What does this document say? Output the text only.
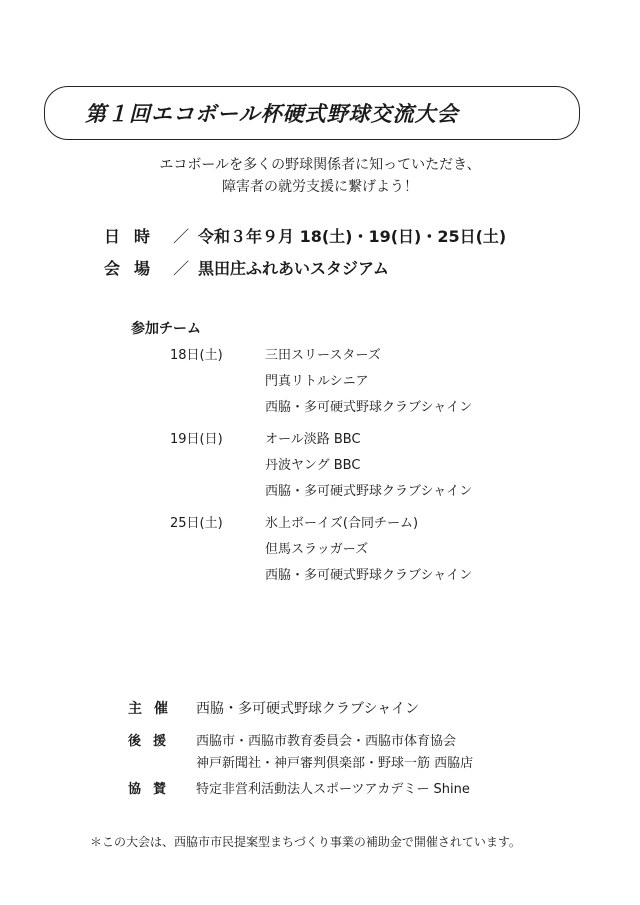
第１回エコボール杯硬式野球交流大会
エコボールを多くの野球関係者に知っていただき、
障害者の就労支援に繋げよう！
日時 ／ 令和３年９月 18(土)・19(日)・25日(土)
会場 ／ 黒田庄ふれあいスタジアム
参加チーム
18日(土)	三田スリースターズ
門真リトルシニア
西脇・多可硬式野球クラブシャイン
19日(日)	オール淡路 BBC
丹波ヤング BBC
西脇・多可硬式野球クラブシャイン
25日(土)	氷上ボーイズ(合同チーム)
但馬スラッガーズ
西脇・多可硬式野球クラブシャイン
主催	西脇・多可硬式野球クラブシャイン
後援	西脇市・西脇市教育委員会・西脇市体育協会
神戸新聞社・神戸審判倶楽部・野球一筋 西脇店
協賛	特定非営利活動法人スポーツアカデミー Shine
＊この大会は、西脇市市民提案型まちづくり事業の補助金で開催されています。
